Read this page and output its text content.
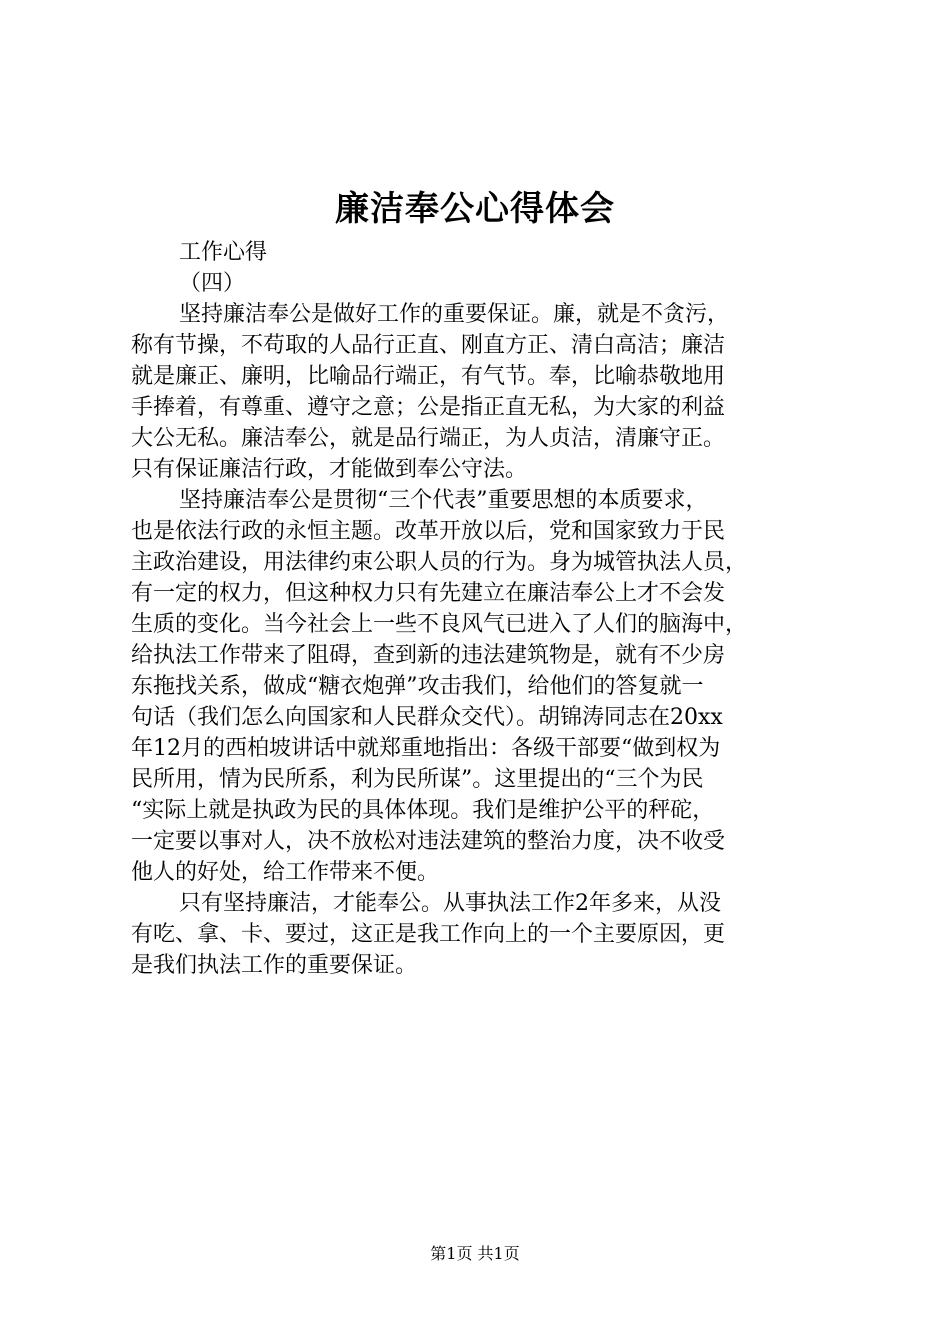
廉洁奉公心得体会
工作心得
（四）
坚持廉洁奉公是做好工作的重要保证。廉，就是不贪污，
称有节操，不苟取的人品行正直、刚直方正、清白高洁；廉洁
就是廉正、廉明，比喻品行端正，有气节。奉，比喻恭敬地用
手捧着，有尊重、遵守之意；公是指正直无私，为大家的利益
大公无私。廉洁奉公，就是品行端正，为人贞洁，清廉守正。
只有保证廉洁行政，才能做到奉公守法。
坚持廉洁奉公是贯彻“三个代表”重要思想的本质要求，
也是依法行政的永恒主题。改革开放以后，党和国家致力于民
主政治建设，用法律约束公职人员的行为。身为城管执法人员，
有一定的权力，但这种权力只有先建立在廉洁奉公上才不会发
生质的变化。当今社会上一些不良风气已进入了人们的脑海中，
给执法工作带来了阻碍，查到新的违法建筑物是，就有不少房
东拖找关系，做成“糖衣炮弹”攻击我们，给他们的答复就一
句话（我们怎么向国家和人民群众交代）。胡锦涛同志在20xx
年12月的西柏坡讲话中就郑重地指出：各级干部要“做到权为
民所用，情为民所系，利为民所谋”。这里提出的“三个为民
“实际上就是执政为民的具体体现。我们是维护公平的秤砣，
一定要以事对人，决不放松对违法建筑的整治力度，决不收受
他人的好处，给工作带来不便。
只有坚持廉洁，才能奉公。从事执法工作2年多来，从没
有吃、拿、卡、要过，这正是我工作向上的一个主要原因，更
是我们执法工作的重要保证。
第1页 共1页
